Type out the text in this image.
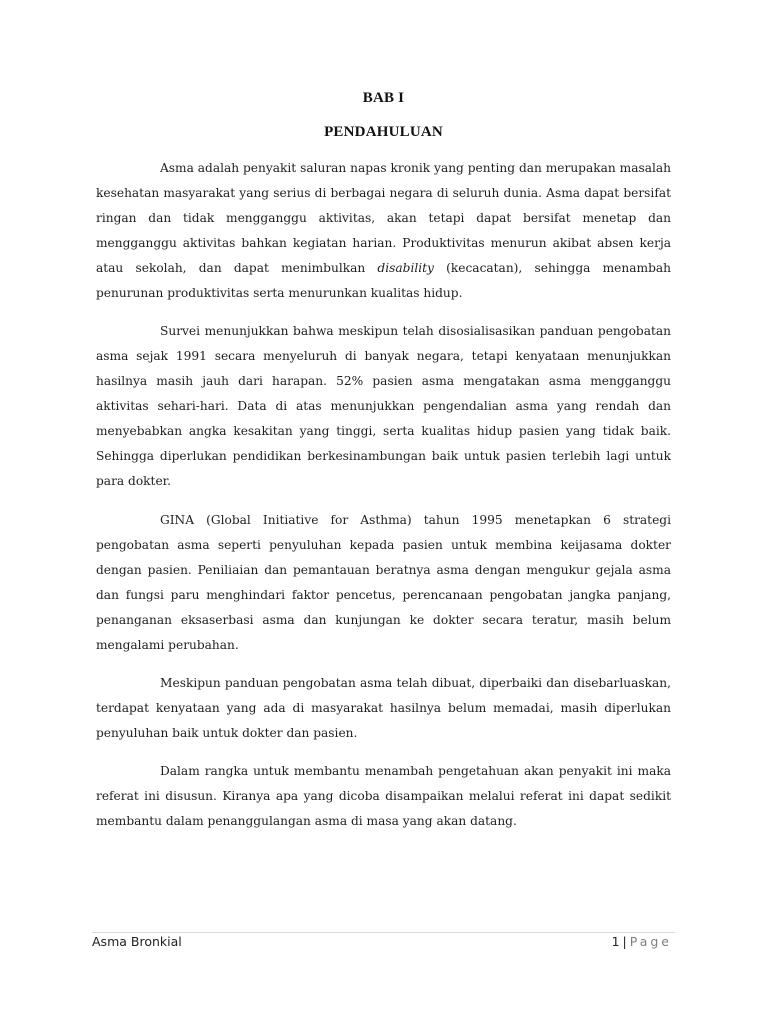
BAB I
PENDAHULUAN

Asma adalah penyakit saluran napas kronik yang penting dan merupakan masalah kesehatan masyarakat yang serius di berbagai negara di seluruh dunia. Asma dapat bersifat ringan dan tidak mengganggu aktivitas, akan tetapi dapat bersifat menetap dan mengganggu aktivitas bahkan kegiatan harian. Produktivitas menurun akibat absen kerja atau sekolah, dan dapat menimbulkan disability (kecacatan), sehingga menambah penurunan produktivitas serta menurunkan kualitas hidup.

Survei menunjukkan bahwa meskipun telah disosialisasikan panduan pengobatan asma sejak 1991 secara menyeluruh di banyak negara, tetapi kenyataan menunjukkan hasilnya masih jauh dari harapan. 52% pasien asma mengatakan asma mengganggu aktivitas sehari-hari. Data di atas menunjukkan pengendalian asma yang rendah dan menyebabkan angka kesakitan yang tinggi, serta kualitas hidup pasien yang tidak baik. Sehingga diperlukan pendidikan berkesinambungan baik untuk pasien terlebih lagi untuk para dokter.

GINA (Global Initiative for Asthma) tahun 1995 menetapkan 6 strategi pengobatan asma seperti penyuluhan kepada pasien untuk membina keijasama dokter dengan pasien. Peniliaian dan pemantauan beratnya asma dengan mengukur gejala asma dan fungsi paru menghindari faktor pencetus, perencanaan pengobatan jangka panjang, penanganan eksaserbasi asma dan kunjungan ke dokter secara teratur, masih belum mengalami perubahan.

Meskipun panduan pengobatan asma telah dibuat, diperbaiki dan disebarluaskan, terdapat kenyataan yang ada di masyarakat hasilnya belum memadai, masih diperlukan penyuluhan baik untuk dokter dan pasien.

Dalam rangka untuk membantu menambah pengetahuan akan penyakit ini maka referat ini disusun. Kiranya apa yang dicoba disampaikan melalui referat ini dapat sedikit membantu dalam penanggulangan asma di masa yang akan datang.

Asma Bronkial	1 | Page
